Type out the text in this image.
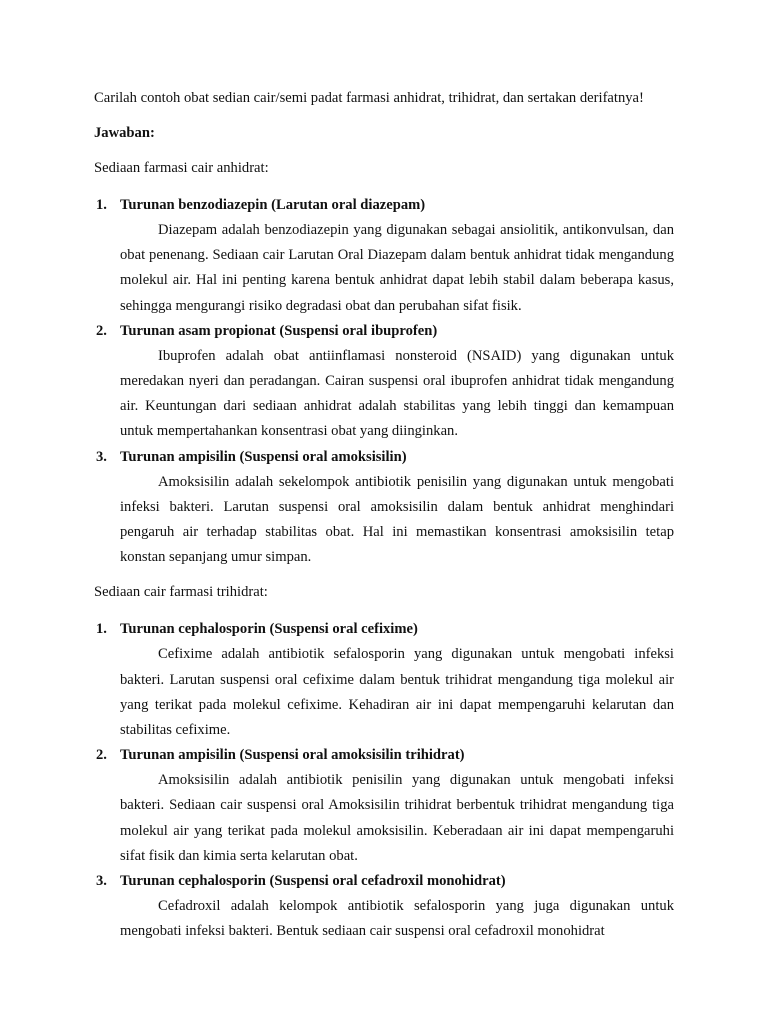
Carilah contoh obat sedian cair/semi padat farmasi anhidrat, trihidrat, dan sertakan derifatnya!

Jawaban:

Sediaan farmasi cair anhidrat:

1. Turunan benzodiazepin (Larutan oral diazepam)

Diazepam adalah benzodiazepin yang digunakan sebagai ansiolitik, antikonvulsan, dan obat penenang. Sediaan cair Larutan Oral Diazepam dalam bentuk anhidrat tidak mengandung molekul air. Hal ini penting karena bentuk anhidrat dapat lebih stabil dalam beberapa kasus, sehingga mengurangi risiko degradasi obat dan perubahan sifat fisik.

2. Turunan asam propionat (Suspensi oral ibuprofen)

Ibuprofen adalah obat antiinflamasi nonsteroid (NSAID) yang digunakan untuk meredakan nyeri dan peradangan. Cairan suspensi oral ibuprofen anhidrat tidak mengandung air. Keuntungan dari sediaan anhidrat adalah stabilitas yang lebih tinggi dan kemampuan untuk mempertahankan konsentrasi obat yang diinginkan.

3. Turunan ampisilin (Suspensi oral amoksisilin)

Amoksisilin adalah sekelompok antibiotik penisilin yang digunakan untuk mengobati infeksi bakteri. Larutan suspensi oral amoksisilin dalam bentuk anhidrat menghindari pengaruh air terhadap stabilitas obat. Hal ini memastikan konsentrasi amoksisilin tetap konstan sepanjang umur simpan.

Sediaan cair farmasi trihidrat:

1. Turunan cephalosporin (Suspensi oral cefixime)

Cefixime adalah antibiotik sefalosporin yang digunakan untuk mengobati infeksi bakteri. Larutan suspensi oral cefixime dalam bentuk trihidrat mengandung tiga molekul air yang terikat pada molekul cefixime. Kehadiran air ini dapat mempengaruhi kelarutan dan stabilitas cefixime.

2. Turunan ampisilin (Suspensi oral amoksisilin trihidrat)

Amoksisilin adalah antibiotik penisilin yang digunakan untuk mengobati infeksi bakteri. Sediaan cair suspensi oral Amoksisilin trihidrat berbentuk trihidrat mengandung tiga molekul air yang terikat pada molekul amoksisilin. Keberadaan air ini dapat mempengaruhi sifat fisik dan kimia serta kelarutan obat.

3. Turunan cephalosporin (Suspensi oral cefadroxil monohidrat)

Cefadroxil adalah kelompok antibiotik sefalosporin yang juga digunakan untuk mengobati infeksi bakteri. Bentuk sediaan cair suspensi oral cefadroxil monohidrat
